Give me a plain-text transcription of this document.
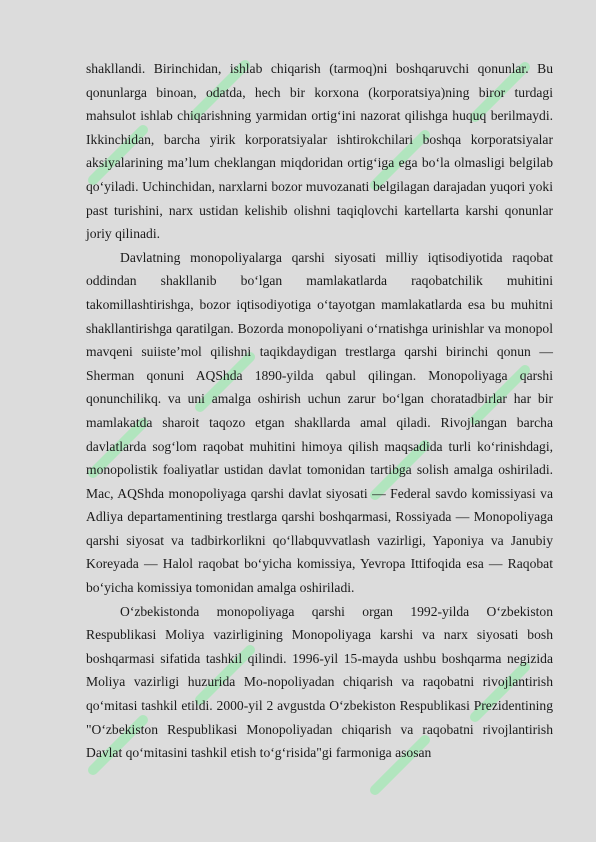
shakllandi. Birinchidan, ishlab chiqarish (tarmoq)ni boshqaruvchi qonunlar. Bu qonunlarga binoan, odatda, hech bir korxona (korporatsiya)ning biror turdagi mahsulot ishlab chiqarishning yarmidan ortig‘ini nazorat qilishga huquq berilmaydi. Ikkinchidan, barcha yirik korporatsiyalar ishtirokchilari boshqa korporatsiyalar aksiyalarining ma’lum cheklangan miqdoridan ortig‘iga ega bo‘la olmasligi belgilab qo‘yiladi. Uchinchidan, narxlarni bozor muvozanati belgilagan darajadan yuqori yoki past turishini, narx ustidan kelishib olishni taqiqlovchi kartellarta karshi qonunlar joriy qilinadi.

Davlatning monopoliyalarga qarshi siyosati milliy iqtisodiyotida raqobat oddindan shakllanib bo‘lgan mamlakatlarda raqobatchilik muhitini takomillashtirishga, bozor iqtisodiyotiga o‘tayotgan mamlakatlarda esa bu muhitni shakllantirishga qaratilgan. Bozorda monopoliyani o‘rnatishga urinishlar va monopol mavqeni suiiste’mol qilishni taqikdaydigan trestlarga qarshi birinchi qonun — Sherman qonuni AQShda 1890-yilda qabul qilingan. Monopoliyaga qarshi qonunchilikq. va uni amalga oshirish uchun zarur bo‘lgan choratadbirlar har bir mamlakatda sharoit taqozo etgan shakllarda amal qiladi. Rivojlangan barcha davlatlarda sog‘lom raqobat muhitini himoya qilish maqsadida turli ko‘rinishdagi, monopolistik foaliyatlar ustidan davlat tomonidan tartibga solish amalga oshiriladi. Mac, AQShda monopoliyaga qarshi davlat siyosati — Federal savdo komissiyasi va Adliya departamentining trestlarga qarshi boshqarmasi, Rossiyada — Monopoliyaga qarshi siyosat va tadbirkorlikni qo‘llabquvvatlash vazirligi, Yaponiya va Janubiy Koreyada — Halol raqobat bo‘yicha komissiya, Yevropa Ittifoqida esa — Raqobat bo‘yicha komissiya tomonidan amalga oshiriladi.

O‘zbekistonda monopoliyaga qarshi organ 1992-yilda O‘zbekiston Respublikasi Moliya vazirligining Monopoliyaga karshi va narx siyosati bosh boshqarmasi sifatida tashkil qilindi. 1996-yil 15-mayda ushbu boshqarma negizida Moliya vazirligi huzurida Mo-nopoliyadan chiqarish va raqobatni rivojlantirish qo‘mitasi tashkil etildi. 2000-yil 2 avgustda O‘zbekiston Respublikasi Prezidentining "O‘zbekiston Respublikasi Monopoliyadan chiqarish va raqobatni rivojlantirish Davlat qo‘mitasini tashkil etish to‘g‘risida"gi farmoniga asosan
